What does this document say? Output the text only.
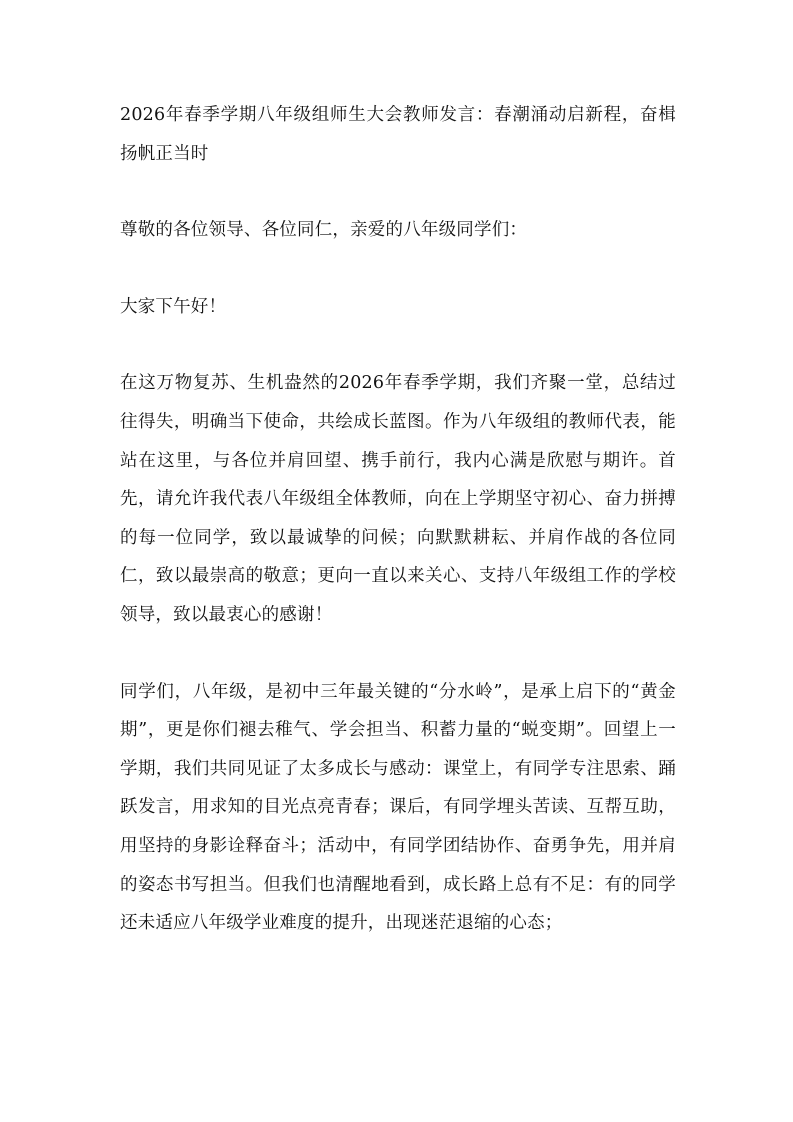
2026年春季学期八年级组师生大会教师发言：春潮涌动启新程，奋楫扬帆正当时

尊敬的各位领导、各位同仁，亲爱的八年级同学们：

大家下午好！

在这万物复苏、生机盎然的2026年春季学期，我们齐聚一堂，总结过往得失，明确当下使命，共绘成长蓝图。作为八年级组的教师代表，能站在这里，与各位并肩回望、携手前行，我内心满是欣慰与期许。首先，请允许我代表八年级组全体教师，向在上学期坚守初心、奋力拼搏的每一位同学，致以最诚挚的问候；向默默耕耘、并肩作战的各位同仁，致以最崇高的敬意；更向一直以来关心、支持八年级组工作的学校领导，致以最衷心的感谢！

同学们，八年级，是初中三年最关键的“分水岭”，是承上启下的“黄金期”，更是你们褪去稚气、学会担当、积蓄力量的“蜕变期”。回望上一学期，我们共同见证了太多成长与感动：课堂上，有同学专注思索、踊跃发言，用求知的目光点亮青春；课后，有同学埋头苦读、互帮互助，用坚持的身影诠释奋斗；活动中，有同学团结协作、奋勇争先，用并肩的姿态书写担当。但我们也清醒地看到，成长路上总有不足：有的同学还未适应八年级学业难度的提升，出现迷茫退缩的心态；
